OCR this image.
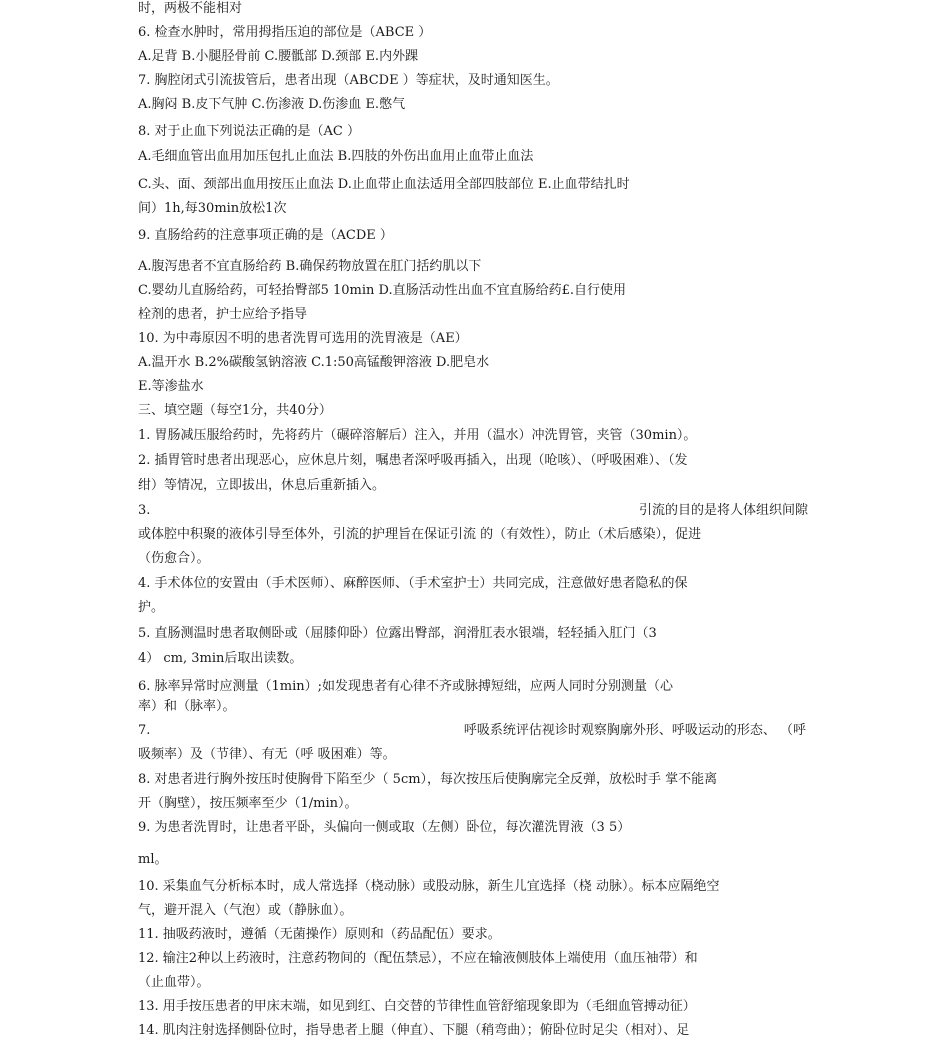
时，两极不能相对
6. 检查水肿时，常用拇指压迫的部位是（ABCE ）
A.足背 B.小腿胫骨前 C.腰骶部 D.颈部 E.内外踝
7. 胸腔闭式引流拔管后，患者出现（ABCDE ）等症状，及时通知医生。
A.胸闷 B.皮下气肿 C.伤渗液 D.伤渗血 E.憋气
8. 对于止血下列说法正确的是（AC ）
A.毛细血管出血用加压包扎止血法 B.四肢的外伤出血用止血带止血法
C.头、面、颈部出血用按压止血法 D.止血带止血法适用全部四肢部位 E.止血带结扎时
间）1h,每30min放松1次
9. 直肠给药的注意事项正确的是（ACDE ）
A.腹泻患者不宜直肠给药 B.确保药物放置在肛门括约肌以下
C.婴幼儿直肠给药，可轻抬臀部5 10min D.直肠活动性出血不宜直肠给药£.自行使用
栓剂的患者，护士应给予指导
10. 为中毒原因不明的患者洗胃可选用的洗胃液是（AE）
A.温开水 B.2%碳酸氢钠溶液 C.1:50高锰酸钾溶液 D.肥皂水
E.等渗盐水
三、填空题（每空1分，共40分）
1. 胃肠减压服给药时，先将药片（碾碎溶解后）注入，并用（温水）冲洗胃管，夹管（30min）。
2. 插胃管时患者出现恶心，应休息片刻，嘱患者深呼吸再插入，出现（呛咳）、（呼吸困难）、（发
绀）等情况，立即拔出，休息后重新插入。
3.	引流的目的是将人体组织间隙
或体腔中积聚的液体引导至体外，引流的护理旨在保证引流 的（有效性），防止（术后感染），促进
（伤愈合）。
4. 手术体位的安置由（手术医师）、麻醉医师、（手术室护士）共同完成，注意做好患者隐私的保
护。
5. 直肠测温时患者取侧卧或（屈膝仰卧）位露出臀部，润滑肛表水银端，轻轻插入肛门（3
4） cm, 3min后取出读数。
6. 脉率异常时应测量（1min）;如发现患者有心律不齐或脉搏短绌，应两人同时分别测量（心
率）和（脉率）。
7.	呼吸系统评估视诊时观察胸廓外形、呼吸运动的形态、 （呼
吸频率）及（节律）、有无（呼 吸困难）等。
8. 对患者进行胸外按压时使胸骨下陷至少（ 5cm），每次按压后使胸廓完全反弹，放松时手 掌不能离
开（胸壁），按压频率至少（1/min）。
9. 为患者洗胃时，让患者平卧，头偏向一侧或取（左侧）卧位，每次灌洗胃液（3 5）
ml。
10. 采集血气分析标本时，成人常选择（桡动脉）或股动脉，新生儿宜选择（桡 动脉）。标本应隔绝空
气，避开混入（气泡）或（静脉血）。
11. 抽吸药液时，遵循（无菌操作）原则和（药品配伍）要求。
12. 输注2种以上药液时，注意药物间的（配伍禁忌），不应在输液侧肢体上端使用（血压袖带）和
（止血带）。
13. 用手按压患者的甲床末端，如见到红、白交替的节律性血管舒缩现象即为（毛细血管搏动征）
14. 肌肉注射选择侧卧位时，指导患者上腿（伸直）、下腿（稍弯曲）；俯卧位时足尖（相对）、足
